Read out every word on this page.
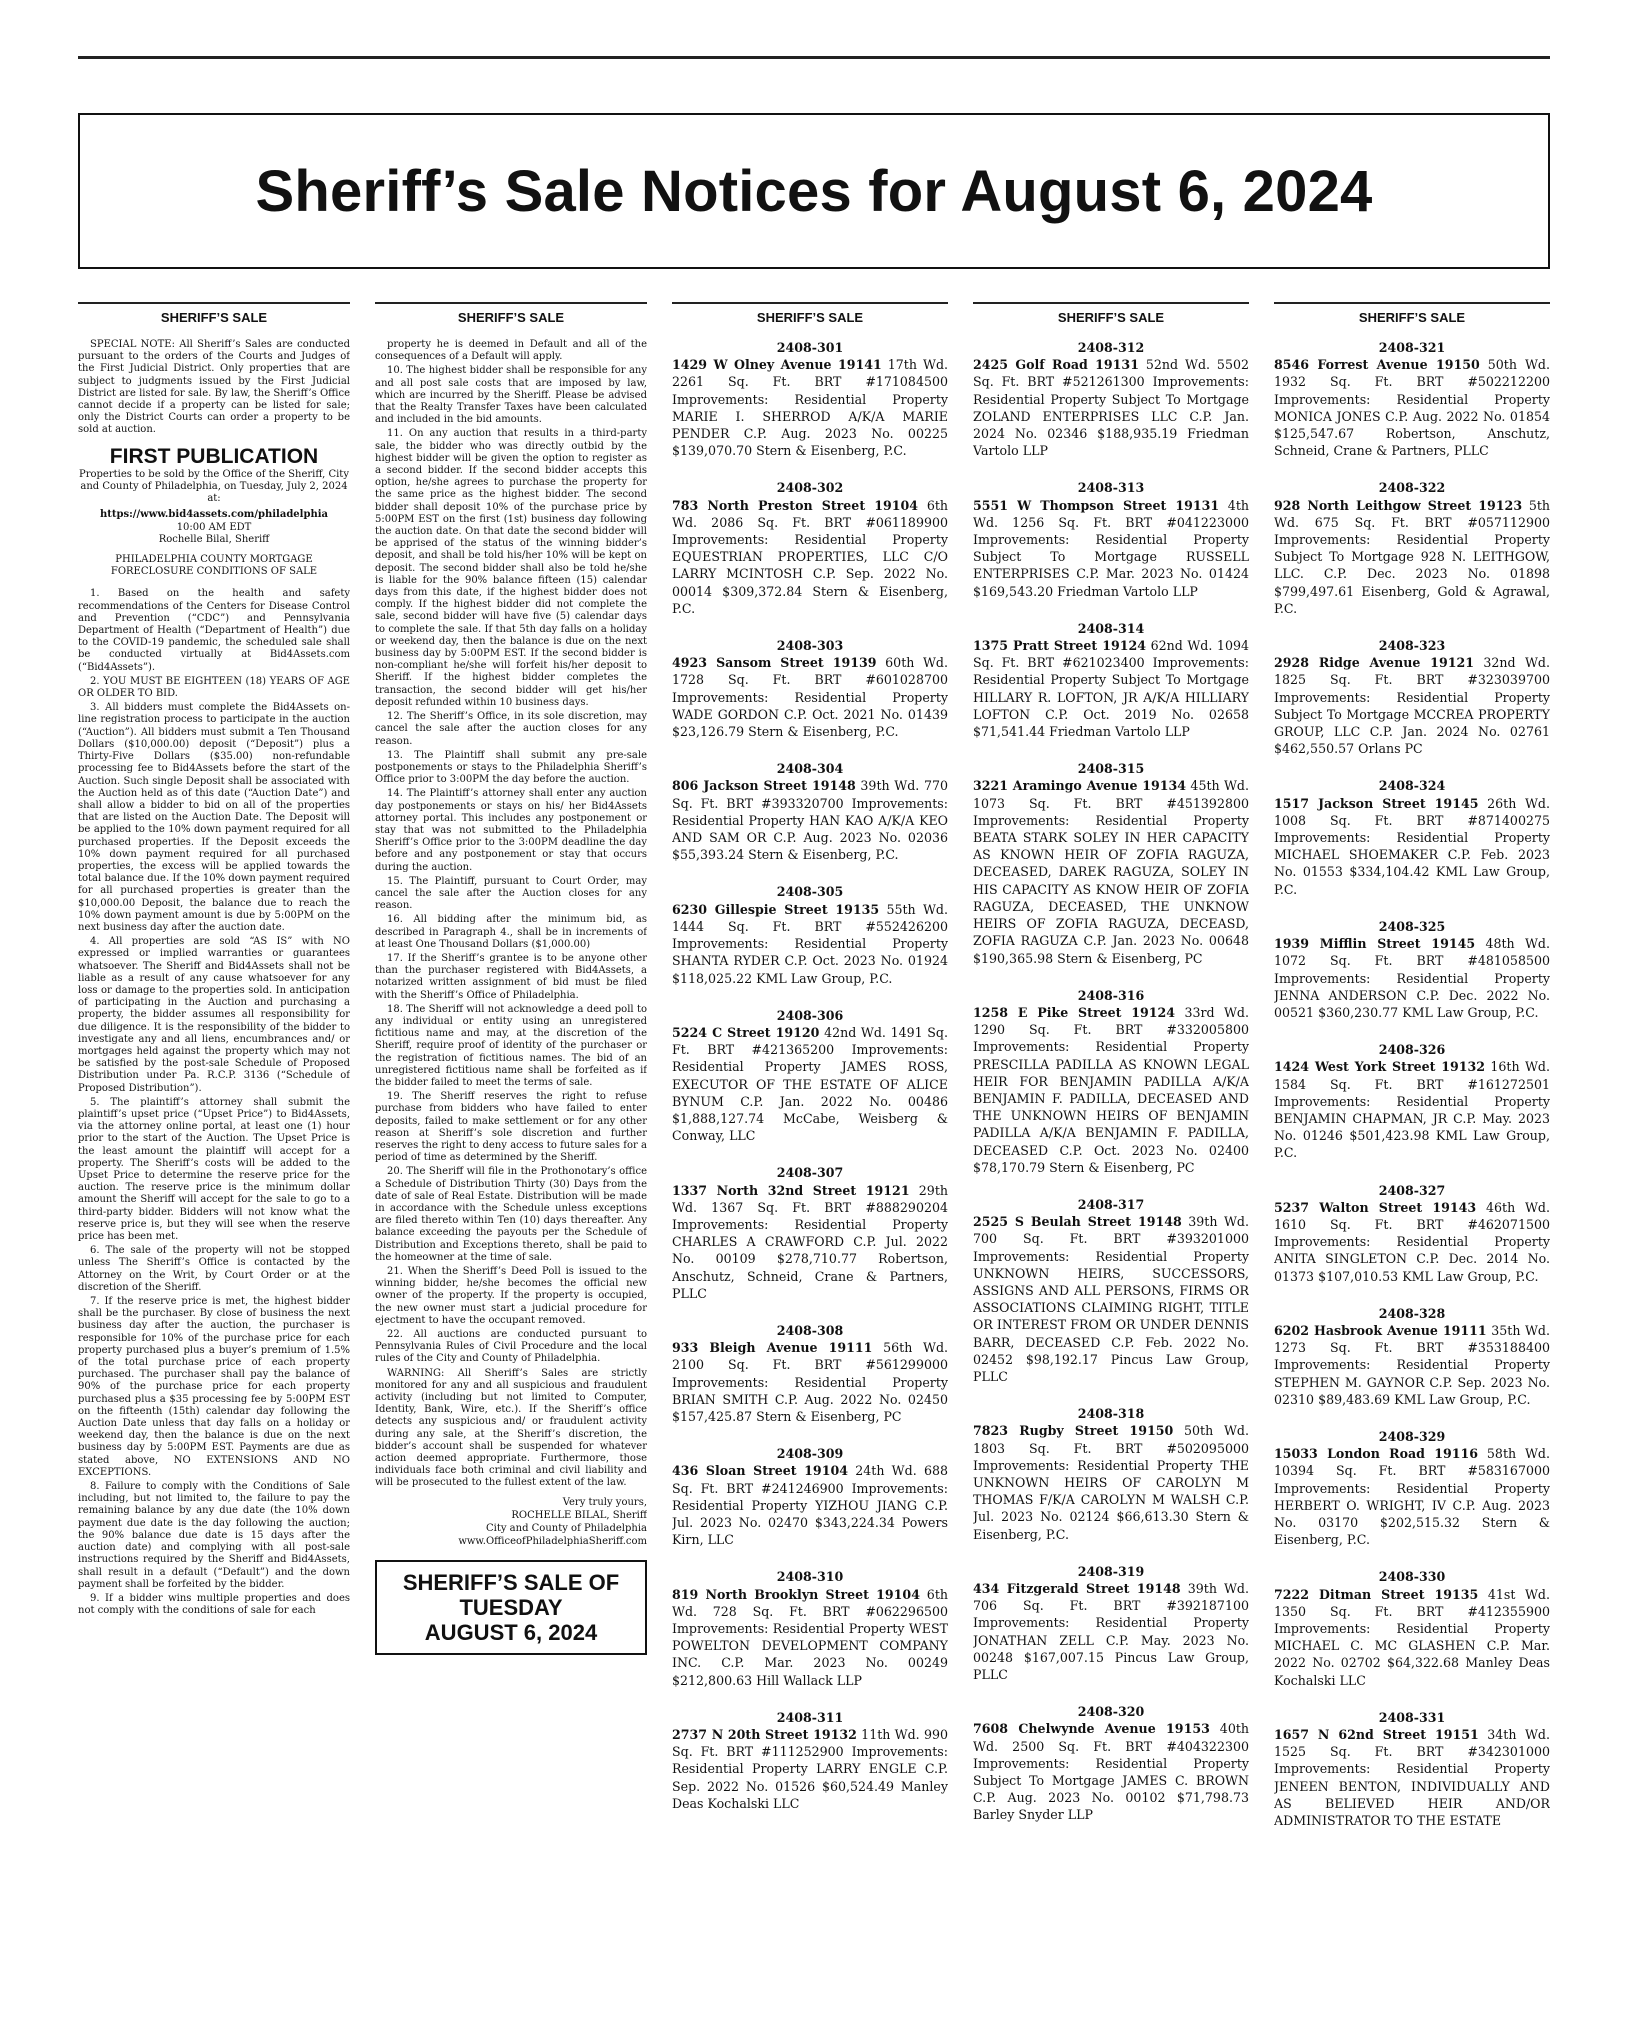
Sheriff’s Sale Notices for August 6, 2024
SHERIFF’S SALE

SPECIAL NOTE: All Sheriff’s Sales are conducted pursuant to the orders of the Courts and Judges of the First Judicial District. Only properties that are subject to judgments issued by the First Judicial District are listed for sale. By law, the Sheriff’s Office cannot decide if a property can be listed for sale; only the District Courts can order a property to be sold at auction.

FIRST PUBLICATION

Properties to be sold by the Office of the Sheriff, City and County of Philadelphia, on Tuesday, July 2, 2024 at:

https://www.bid4assets.com/philadelphia
10:00 AM EDT
Rochelle Bilal, Sheriff
PHILADELPHIA COUNTY MORTGAGE FORECLOSURE CONDITIONS OF SALE

1. Based on the health and safety recommendations of the Centers for Disease Control and Prevention (“CDC”) and Pennsylvania Department of Health (“Department of Health”) due to the COVID-19 pandemic, the scheduled sale shall be conducted virtually at Bid4Assets.com (“Bid4Assets”).

2. YOU MUST BE EIGHTEEN (18) YEARS OF AGE OR OLDER TO BID.

3. All bidders must complete the Bid4Assets on-line registration process to participate in the auction (“Auction”). All bidders must submit a Ten Thousand Dollars ($10,000.00) deposit (“Deposit”) plus a Thirty-Five Dollars ($35.00) non-refundable processing fee to Bid4Assets before the start of the Auction. Such single Deposit shall be associated with the Auction held as of this date (“Auction Date”) and shall allow a bidder to bid on all of the properties that are listed on the Auction Date. The Deposit will be applied to the 10% down payment required for all purchased properties. If the Deposit exceeds the 10% down payment required for all purchased properties, the excess will be applied towards the total balance due. If the 10% down payment required for all purchased properties is greater than the $10,000.00 Deposit, the balance due to reach the 10% down payment amount is due by 5:00PM on the next business day after the auction date.

4. All properties are sold “AS IS” with NO expressed or implied warranties or guarantees whatsoever. The Sheriff and Bid4Assets shall not be liable as a result of any cause whatsoever for any loss or damage to the properties sold. In anticipation of participating in the Auction and purchasing a property, the bidder assumes all responsibility for due diligence. It is the responsibility of the bidder to investigate any and all liens, encumbrances and/ or mortgages held against the property which may not be satisfied by the post-sale Schedule of Proposed Distribution under Pa. R.C.P. 3136 (“Schedule of Proposed Distribution”).

5. The plaintiff’s attorney shall submit the plaintiff’s upset price (“Upset Price”) to Bid4Assets, via the attorney online portal, at least one (1) hour prior to the start of the Auction. The Upset Price is the least amount the plaintiff will accept for a property. The Sheriff’s costs will be added to the Upset Price to determine the reserve price for the auction. The reserve price is the minimum dollar amount the Sheriff will accept for the sale to go to a third-party bidder. Bidders will not know what the reserve price is, but they will see when the reserve price has been met.

6. The sale of the property will not be stopped unless The Sheriff’s Office is contacted by the Attorney on the Writ, by Court Order or at the discretion of the Sheriff.

7. If the reserve price is met, the highest bidder shall be the purchaser. By close of business the next business day after the auction, the purchaser is responsible for 10% of the purchase price for each property purchased plus a buyer’s premium of 1.5% of the total purchase price of each property purchased. The purchaser shall pay the balance of 90% of the purchase price for each property purchased plus a $35 processing fee by 5:00PM EST on the fifteenth (15th) calendar day following the Auction Date unless that day falls on a holiday or weekend day, then the balance is due on the next business day by 5:00PM EST. Payments are due as stated above, NO EXTENSIONS AND NO EXCEPTIONS.

8. Failure to comply with the Conditions of Sale including, but not limited to, the failure to pay the remaining balance by any due date (the 10% down payment due date is the day following the auction; the 90% balance due date is 15 days after the auction date) and complying with all post-sale instructions required by the Sheriff and Bid4Assets, shall result in a default (“Default”) and the down payment shall be forfeited by the bidder.

9. If a bidder wins multiple properties and does not comply with the conditions of sale for each

SHERIFF’S SALE

property he is deemed in Default and all of the consequences of a Default will apply.

10. The highest bidder shall be responsible for any and all post sale costs that are imposed by law, which are incurred by the Sheriff. Please be advised that the Realty Transfer Taxes have been calculated and included in the bid amounts.

11. On any auction that results in a third-party sale, the bidder who was directly outbid by the highest bidder will be given the option to register as a second bidder. If the second bidder accepts this option, he/she agrees to purchase the property for the same price as the highest bidder. The second bidder shall deposit 10% of the purchase price by 5:00PM EST on the first (1st) business day following the auction date. On that date the second bidder will be apprised of the status of the winning bidder’s deposit, and shall be told his/her 10% will be kept on deposit. The second bidder shall also be told he/she is liable for the 90% balance fifteen (15) calendar days from this date, if the highest bidder does not comply. If the highest bidder did not complete the sale, second bidder will have five (5) calendar days to complete the sale. If that 5th day falls on a holiday or weekend day, then the balance is due on the next business day by 5:00PM EST. If the second bidder is non-compliant he/she will forfeit his/her deposit to Sheriff. If the highest bidder completes the transaction, the second bidder will get his/her deposit refunded within 10 business days.

12. The Sheriff’s Office, in its sole discretion, may cancel the sale after the auction closes for any reason.

13. The Plaintiff shall submit any pre-sale postponements or stays to the Philadelphia Sheriff’s Office prior to 3:00PM the day before the auction.

14. The Plaintiff’s attorney shall enter any auction day postponements or stays on his/ her Bid4Assets attorney portal. This includes any postponement or stay that was not submitted to the Philadelphia Sheriff’s Office prior to the 3:00PM deadline the day before and any postponement or stay that occurs during the auction.

15. The Plaintiff, pursuant to Court Order, may cancel the sale after the Auction closes for any reason.

16. All bidding after the minimum bid, as described in Paragraph 4., shall be in increments of at least One Thousand Dollars ($1,000.00)

17. If the Sheriff’s grantee is to be anyone other than the purchaser registered with Bid4Assets, a notarized written assignment of bid must be filed with the Sheriff’s Office of Philadelphia.

18. The Sheriff will not acknowledge a deed poll to any individual or entity using an unregistered fictitious name and may, at the discretion of the Sheriff, require proof of identity of the purchaser or the registration of fictitious names. The bid of an unregistered fictitious name shall be forfeited as if the bidder failed to meet the terms of sale.

19. The Sheriff reserves the right to refuse purchase from bidders who have failed to enter deposits, failed to make settlement or for any other reason at Sheriff’s sole discretion and further reserves the right to deny access to future sales for a period of time as determined by the Sheriff.

20. The Sheriff will file in the Prothonotary’s office a Schedule of Distribution Thirty (30) Days from the date of sale of Real Estate. Distribution will be made in accordance with the Schedule unless exceptions are filed thereto within Ten (10) days thereafter. Any balance exceeding the payouts per the Schedule of Distribution and Exceptions thereto, shall be paid to the homeowner at the time of sale.

21. When the Sheriff’s Deed Poll is issued to the winning bidder, he/she becomes the official new owner of the property. If the property is occupied, the new owner must start a judicial procedure for ejectment to have the occupant removed.

22. All auctions are conducted pursuant to Pennsylvania Rules of Civil Procedure and the local rules of the City and County of Philadelphia.

WARNING: All Sheriff’s Sales are strictly monitored for any and all suspicious and fraudulent activity (including but not limited to Computer, Identity, Bank, Wire, etc.). If the Sheriff’s office detects any suspicious and/ or fraudulent activity during any sale, at the Sheriff’s discretion, the bidder’s account shall be suspended for whatever action deemed appropriate. Furthermore, those individuals face both criminal and civil liability and will be prosecuted to the fullest extent of the law.

Very truly yours,
ROCHELLE BILAL, Sheriff
City and County of Philadelphia
www.OfficeofPhiladelphiaSheriff.com
SHERIFF’S SALE OF
TUESDAY
AUGUST 6, 2024
SHERIFF’S SALE
2408-301
1429 W Olney Avenue 19141 17th Wd. 2261 Sq. Ft. BRT #171084500 Improvements: Residential Property MARIE I. SHERROD A/K/A MARIE PENDER C.P. Aug. 2023 No. 00225 $139,070.70 Stern & Eisenberg, P.C.
2408-302
783 North Preston Street 19104 6th Wd. 2086 Sq. Ft. BRT #061189900 Improvements: Residential Property EQUESTRIAN PROPERTIES, LLC C/O LARRY MCINTOSH C.P. Sep. 2022 No. 00014 $309,372.84 Stern & Eisenberg, P.C.
2408-303
4923 Sansom Street 19139 60th Wd. 1728 Sq. Ft. BRT #601028700 Improvements: Residential Property WADE GORDON C.P. Oct. 2021 No. 01439 $23,126.79 Stern & Eisenberg, P.C.
2408-304
806 Jackson Street 19148 39th Wd. 770 Sq. Ft. BRT #393320700 Improvements: Residential Property HAN KAO A/K/A KEO AND SAM OR C.P. Aug. 2023 No. 02036 $55,393.24 Stern & Eisenberg, P.C.
2408-305
6230 Gillespie Street 19135 55th Wd. 1444 Sq. Ft. BRT #552426200 Improvements: Residential Property SHANTA RYDER C.P. Oct. 2023 No. 01924 $118,025.22 KML Law Group, P.C.
2408-306
5224 C Street 19120 42nd Wd. 1491 Sq. Ft. BRT #421365200 Improvements: Residential Property JAMES ROSS, EXECUTOR OF THE ESTATE OF ALICE BYNUM C.P. Jan. 2022 No. 00486 $1,888,127.74 McCabe, Weisberg & Conway, LLC
2408-307
1337 North 32nd Street 19121 29th Wd. 1367 Sq. Ft. BRT #888290204 Improvements: Residential Property CHARLES A CRAWFORD C.P. Jul. 2022 No. 00109 $278,710.77 Robertson, Anschutz, Schneid, Crane & Partners, PLLC
2408-308
933 Bleigh Avenue 19111 56th Wd. 2100 Sq. Ft. BRT #561299000 Improvements: Residential Property BRIAN SMITH C.P. Aug. 2022 No. 02450 $157,425.87 Stern & Eisenberg, PC
2408-309
436 Sloan Street 19104 24th Wd. 688 Sq. Ft. BRT #241246900 Improvements: Residential Property YIZHOU JIANG C.P. Jul. 2023 No. 02470 $343,224.34 Powers Kirn, LLC
2408-310
819 North Brooklyn Street 19104 6th Wd. 728 Sq. Ft. BRT #062296500 Improvements: Residential Property WEST POWELTON DEVELOPMENT COMPANY INC. C.P. Mar. 2023 No. 00249 $212,800.63 Hill Wallack LLP
2408-311
2737 N 20th Street 19132 11th Wd. 990 Sq. Ft. BRT #111252900 Improvements: Residential Property LARRY ENGLE C.P. Sep. 2022 No. 01526 $60,524.49 Manley Deas Kochalski LLC
SHERIFF’S SALE
2408-312
2425 Golf Road 19131 52nd Wd. 5502 Sq. Ft. BRT #521261300 Improvements: Residential Property Subject To Mortgage ZOLAND ENTERPRISES LLC C.P. Jan. 2024 No. 02346 $188,935.19 Friedman Vartolo LLP
2408-313
5551 W Thompson Street 19131 4th Wd. 1256 Sq. Ft. BRT #041223000 Improvements: Residential Property Subject To Mortgage RUSSELL ENTERPRISES C.P. Mar. 2023 No. 01424 $169,543.20 Friedman Vartolo LLP
2408-314
1375 Pratt Street 19124 62nd Wd. 1094 Sq. Ft. BRT #621023400 Improvements: Residential Property Subject To Mortgage HILLARY R. LOFTON, JR A/K/A HILLIARY LOFTON C.P. Oct. 2019 No. 02658 $71,541.44 Friedman Vartolo LLP
2408-315
3221 Aramingo Avenue 19134 45th Wd. 1073 Sq. Ft. BRT #451392800 Improvements: Residential Property BEATA STARK SOLEY IN HER CAPACITY AS KNOWN HEIR OF ZOFIA RAGUZA, DECEASED, DAREK RAGUZA, SOLEY IN HIS CAPACITY AS KNOW HEIR OF ZOFIA RAGUZA, DECEASED, THE UNKNOW HEIRS OF ZOFIA RAGUZA, DECEASD, ZOFIA RAGUZA C.P. Jan. 2023 No. 00648 $190,365.98 Stern & Eisenberg, PC
2408-316
1258 E Pike Street 19124 33rd Wd. 1290 Sq. Ft. BRT #332005800 Improvements: Residential Property PRESCILLA PADILLA AS KNOWN LEGAL HEIR FOR BENJAMIN PADILLA A/K/A BENJAMIN F. PADILLA, DECEASED AND THE UNKNOWN HEIRS OF BENJAMIN PADILLA A/K/A BENJAMIN F. PADILLA, DECEASED C.P. Oct. 2023 No. 02400 $78,170.79 Stern & Eisenberg, PC
2408-317
2525 S Beulah Street 19148 39th Wd. 700 Sq. Ft. BRT #393201000 Improvements: Residential Property UNKNOWN HEIRS, SUCCESSORS, ASSIGNS AND ALL PERSONS, FIRMS OR ASSOCIATIONS CLAIMING RIGHT, TITLE OR INTEREST FROM OR UNDER DENNIS BARR, DECEASED C.P. Feb. 2022 No. 02452 $98,192.17 Pincus Law Group, PLLC
2408-318
7823 Rugby Street 19150 50th Wd. 1803 Sq. Ft. BRT #502095000 Improvements: Residential Property THE UNKNOWN HEIRS OF CAROLYN M THOMAS F/K/A CAROLYN M WALSH C.P. Jul. 2023 No. 02124 $66,613.30 Stern & Eisenberg, P.C.
2408-319
434 Fitzgerald Street 19148 39th Wd. 706 Sq. Ft. BRT #392187100 Improvements: Residential Property JONATHAN ZELL C.P. May. 2023 No. 00248 $167,007.15 Pincus Law Group, PLLC
2408-320
7608 Chelwynde Avenue 19153 40th Wd. 2500 Sq. Ft. BRT #404322300 Improvements: Residential Property Subject To Mortgage JAMES C. BROWN C.P. Aug. 2023 No. 00102 $71,798.73 Barley Snyder LLP
SHERIFF’S SALE
2408-321
8546 Forrest Avenue 19150 50th Wd. 1932 Sq. Ft. BRT #502212200 Improvements: Residential Property MONICA JONES C.P. Aug. 2022 No. 01854 $125,547.67 Robertson, Anschutz, Schneid, Crane & Partners, PLLC
2408-322
928 North Leithgow Street 19123 5th Wd. 675 Sq. Ft. BRT #057112900 Improvements: Residential Property Subject To Mortgage 928 N. LEITHGOW, LLC. C.P. Dec. 2023 No. 01898 $799,497.61 Eisenberg, Gold & Agrawal, P.C.
2408-323
2928 Ridge Avenue 19121 32nd Wd. 1825 Sq. Ft. BRT #323039700 Improvements: Residential Property Subject To Mortgage MCCREA PROPERTY GROUP, LLC C.P. Jan. 2024 No. 02761 $462,550.57 Orlans PC
2408-324
1517 Jackson Street 19145 26th Wd. 1008 Sq. Ft. BRT #871400275 Improvements: Residential Property MICHAEL SHOEMAKER C.P. Feb. 2023 No. 01553 $334,104.42 KML Law Group, P.C.
2408-325
1939 Mifflin Street 19145 48th Wd. 1072 Sq. Ft. BRT #481058500 Improvements: Residential Property JENNA ANDERSON C.P. Dec. 2022 No. 00521 $360,230.77 KML Law Group, P.C.
2408-326
1424 West York Street 19132 16th Wd. 1584 Sq. Ft. BRT #161272501 Improvements: Residential Property BENJAMIN CHAPMAN, JR C.P. May. 2023 No. 01246 $501,423.98 KML Law Group, P.C.
2408-327
5237 Walton Street 19143 46th Wd. 1610 Sq. Ft. BRT #462071500 Improvements: Residential Property ANITA SINGLETON C.P. Dec. 2014 No. 01373 $107,010.53 KML Law Group, P.C.
2408-328
6202 Hasbrook Avenue 19111 35th Wd. 1273 Sq. Ft. BRT #353188400 Improvements: Residential Property STEPHEN M. GAYNOR C.P. Sep. 2023 No. 02310 $89,483.69 KML Law Group, P.C.
2408-329
15033 London Road 19116 58th Wd. 10394 Sq. Ft. BRT #583167000 Improvements: Residential Property HERBERT O. WRIGHT, IV C.P. Aug. 2023 No. 03170 $202,515.32 Stern & Eisenberg, P.C.
2408-330
7222 Ditman Street 19135 41st Wd. 1350 Sq. Ft. BRT #412355900 Improvements: Residential Property MICHAEL C. MC GLASHEN C.P. Mar. 2022 No. 02702 $64,322.68 Manley Deas Kochalski LLC
2408-331
1657 N 62nd Street 19151 34th Wd. 1525 Sq. Ft. BRT #342301000 Improvements: Residential Property JENEEN BENTON, INDIVIDUALLY AND AS BELIEVED HEIR AND/OR ADMINISTRATOR TO THE ESTATE
